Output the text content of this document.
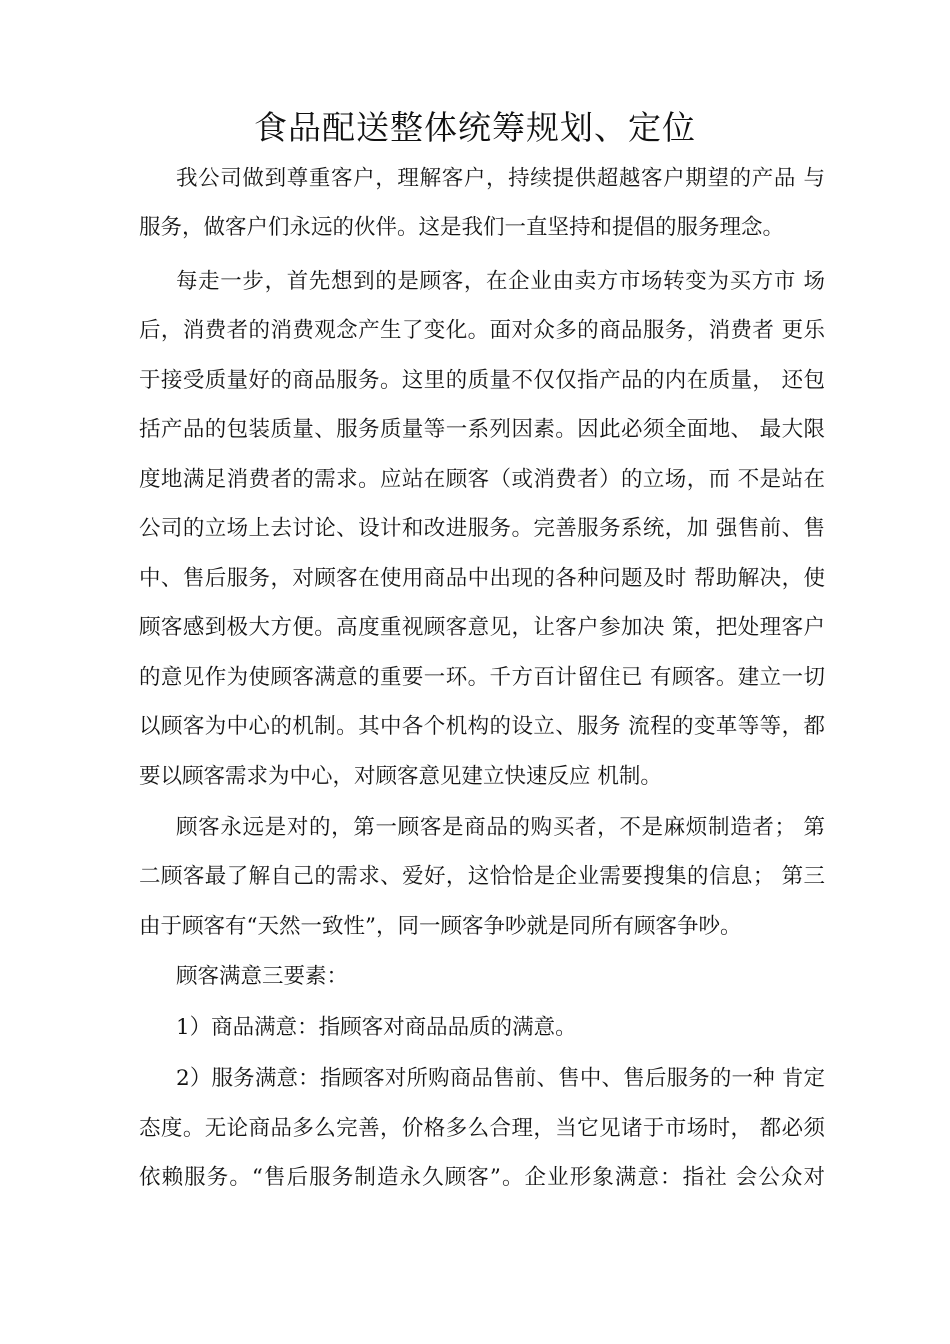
食品配送整体统筹规划、定位
我公司做到尊重客户，理解客户，持续提供超越客户期望的产品 与
服务，做客户们永远的伙伴。这是我们一直坚持和提倡的服务理念。
每走一步，首先想到的是顾客，在企业由卖方市场转变为买方市 场
后，消费者的消费观念产生了变化。面对众多的商品服务，消费者 更乐
于接受质量好的商品服务。这里的质量不仅仅指产品的内在质量， 还包
括产品的包装质量、服务质量等一系列因素。因此必须全面地、 最大限
度地满足消费者的需求。应站在顾客（或消费者）的立场，而 不是站在
公司的立场上去讨论、设计和改进服务。完善服务系统，加 强售前、售
中、售后服务，对顾客在使用商品中出现的各种问题及时 帮助解决，使
顾客感到极大方便。高度重视顾客意见，让客户参加决 策，把处理客户
的意见作为使顾客满意的重要一环。千方百计留住已 有顾客。建立一切
以顾客为中心的机制。其中各个机构的设立、服务 流程的变革等等，都
要以顾客需求为中心，对顾客意见建立快速反应 机制。
顾客永远是对的，第一顾客是商品的购买者，不是麻烦制造者； 第
二顾客最了解自己的需求、爱好，这恰恰是企业需要搜集的信息； 第三
由于顾客有“天然一致性”，同一顾客争吵就是同所有顾客争吵。
顾客满意三要素：
1）商品满意：指顾客对商品品质的满意。
2）服务满意：指顾客对所购商品售前、售中、售后服务的一种 肯定
态度。无论商品多么完善，价格多么合理，当它见诸于市场时， 都必须
依赖服务。“售后服务制造永久顾客”。企业形象满意：指社 会公众对
